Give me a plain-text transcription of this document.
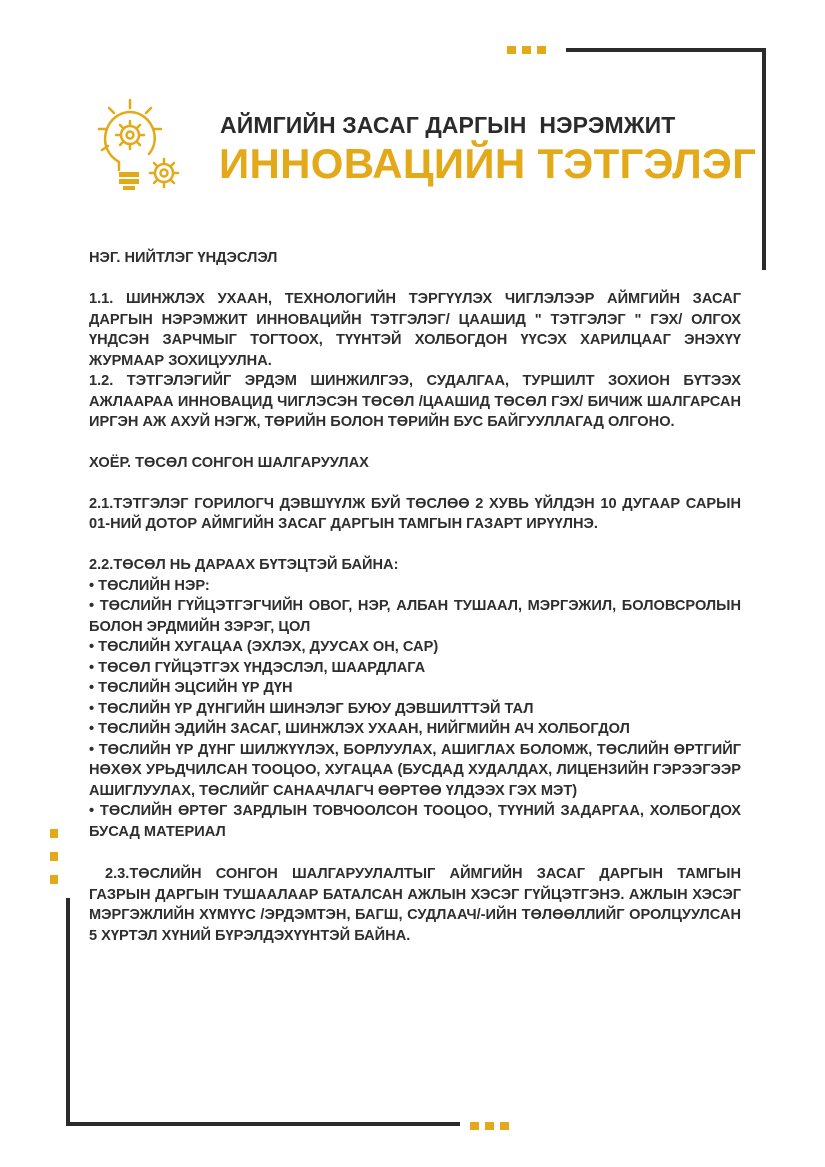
АЙМГИЙН ЗАСАГ ДАРГЫН  НЭРЭМЖИТ
ИННОВАЦИЙН ТЭТГЭЛЭГ

НЭГ. НИЙТЛЭГ ҮНДЭСЛЭЛ

1.1. ШИНЖЛЭХ УХААН, ТЕХНОЛОГИЙН ТЭРГҮҮЛЭХ ЧИГЛЭЛЭЭР АЙМГИЙН ЗАСАГ ДАРГЫН НЭРЭМЖИТ ИННОВАЦИЙН ТЭТГЭЛЭГ/ ЦААШИД " ТЭТГЭЛЭГ " ГЭХ/ ОЛГОХ ҮНДСЭН ЗАРЧМЫГ ТОГТООХ, ТҮҮНТЭЙ ХОЛБОГДОН ҮҮСЭХ ХАРИЛЦААГ ЭНЭХҮҮ ЖУРМААР ЗОХИЦУУЛНА.

1.2. ТЭТГЭЛЭГИЙГ ЭРДЭМ ШИНЖИЛГЭЭ, СУДАЛГАА, ТУРШИЛТ ЗОХИОН БҮТЭЭХ АЖЛААРАА ИННОВАЦИД ЧИГЛЭСЭН ТӨСӨЛ /ЦААШИД ТӨСӨЛ ГЭХ/ БИЧИЖ ШАЛГАРСАН ИРГЭН АЖ АХУЙ НЭГЖ, ТӨРИЙН БОЛОН ТӨРИЙН БУС БАЙГУУЛЛАГАД ОЛГОНО.

ХОЁР. ТӨСӨЛ СОНГОН ШАЛГАРУУЛАХ

2.1.ТЭТГЭЛЭГ ГОРИЛОГЧ ДЭВШҮҮЛЖ БУЙ ТӨСЛӨӨ 2 ХУВЬ ҮЙЛДЭН 10 ДУГААР САРЫН 01-НИЙ ДОТОР АЙМГИЙН ЗАСАГ ДАРГЫН ТАМГЫН ГАЗАРТ ИРҮҮЛНЭ.

2.2.ТӨСӨЛ НЬ ДАРААХ БҮТЭЦТЭЙ БАЙНА:

• ТӨСЛИЙН НЭР:
• ТӨСЛИЙН ГҮЙЦЭТГЭГЧИЙН ОВОГ, НЭР, АЛБАН ТУШААЛ, МЭРГЭЖИЛ, БОЛОВСРОЛЫН БОЛОН ЭРДМИЙН ЗЭРЭГ, ЦОЛ
• ТӨСЛИЙН ХУГАЦАА (ЭХЛЭХ, ДУУСАХ ОН, САР)
• ТӨСӨЛ ГҮЙЦЭТГЭХ ҮНДЭСЛЭЛ, ШААРДЛАГА
• ТӨСЛИЙН ЭЦСИЙН ҮР ДҮН
• ТӨСЛИЙН ҮР ДҮНГИЙН ШИНЭЛЭГ БУЮУ ДЭВШИЛТТЭЙ ТАЛ
• ТӨСЛИЙН ЭДИЙН ЗАСАГ, ШИНЖЛЭХ УХААН, НИЙГМИЙН АЧ ХОЛБОГДОЛ
• ТӨСЛИЙН ҮР ДҮНГ ШИЛЖҮҮЛЭХ, БОРЛУУЛАХ, АШИГЛАХ БОЛОМЖ, ТӨСЛИЙН ӨРТГИЙГ НӨХӨХ УРЬДЧИЛСАН ТООЦОО, ХУГАЦАА (БУСДАД ХУДАЛДАХ, ЛИЦЕНЗИЙН ГЭРЭЭГЭЭР АШИГЛУУЛАХ, ТӨСЛИЙГ САНААЧЛАГЧ ӨӨРТӨӨ ҮЛДЭЭХ ГЭХ МЭТ)
• ТӨСЛИЙН ӨРТӨГ ЗАРДЛЫН ТОВЧООЛСОН ТООЦОО, ТҮҮНИЙ ЗАДАРГАА, ХОЛБОГДОХ БУСАД МАТЕРИАЛ

2.3.ТӨСЛИЙН СОНГОН ШАЛГАРУУЛАЛТЫГ АЙМГИЙН ЗАСАГ ДАРГЫН ТАМГЫН ГАЗРЫН ДАРГЫН ТУШААЛААР БАТАЛСАН АЖЛЫН ХЭСЭГ ГҮЙЦЭТГЭНЭ. АЖЛЫН ХЭСЭГ МЭРГЭЖЛИЙН ХҮМҮҮС /ЭРДЭМТЭН, БАГШ, СУДЛААЧ/-ИЙН ТӨЛӨӨЛЛИЙГ ОРОЛЦУУЛСАН 5 ХҮРТЭЛ ХҮНИЙ БҮРЭЛДЭХҮҮНТЭЙ БАЙНА.
